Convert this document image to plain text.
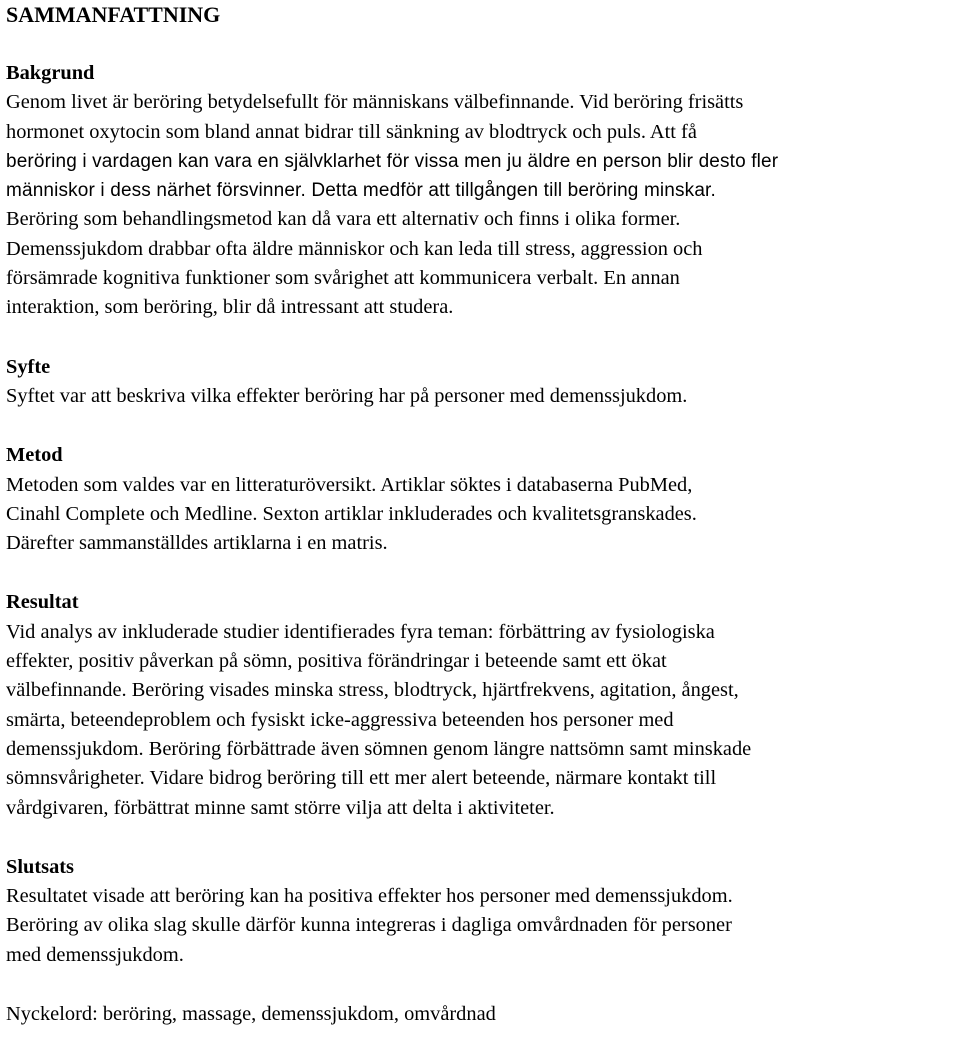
SAMMANFATTNING
Bakgrund
Genom livet är beröring betydelsefullt för människans välbefinnande. Vid beröring frisätts
hormonet oxytocin som bland annat bidrar till sänkning av blodtryck och puls. Att få
beröring i vardagen kan vara en självklarhet för vissa men ju äldre en person blir desto fler
människor i dess närhet försvinner. Detta medför att tillgången till beröring minskar.
Beröring som behandlingsmetod kan då vara ett alternativ och finns i olika former.
Demenssjukdom drabbar ofta äldre människor och kan leda till stress, aggression och
försämrade kognitiva funktioner som svårighet att kommunicera verbalt. En annan
interaktion, som beröring, blir då intressant att studera.
Syfte
Syftet var att beskriva vilka effekter beröring har på personer med demenssjukdom.
Metod
Metoden som valdes var en litteraturöversikt. Artiklar söktes i databaserna PubMed,
Cinahl Complete och Medline. Sexton artiklar inkluderades och kvalitetsgranskades.
Därefter sammanställdes artiklarna i en matris.
Resultat
Vid analys av inkluderade studier identifierades fyra teman: förbättring av fysiologiska
effekter, positiv påverkan på sömn, positiva förändringar i beteende samt ett ökat
välbefinnande. Beröring visades minska stress, blodtryck, hjärtfrekvens, agitation, ångest,
smärta, beteendeproblem och fysiskt icke-aggressiva beteenden hos personer med
demenssjukdom. Beröring förbättrade även sömnen genom längre nattsömn samt minskade
sömnsvårigheter. Vidare bidrog beröring till ett mer alert beteende, närmare kontakt till
vårdgivaren, förbättrat minne samt större vilja att delta i aktiviteter.
Slutsats
Resultatet visade att beröring kan ha positiva effekter hos personer med demenssjukdom.
Beröring av olika slag skulle därför kunna integreras i dagliga omvårdnaden för personer
med demenssjukdom.
Nyckelord: beröring, massage, demenssjukdom, omvårdnad
